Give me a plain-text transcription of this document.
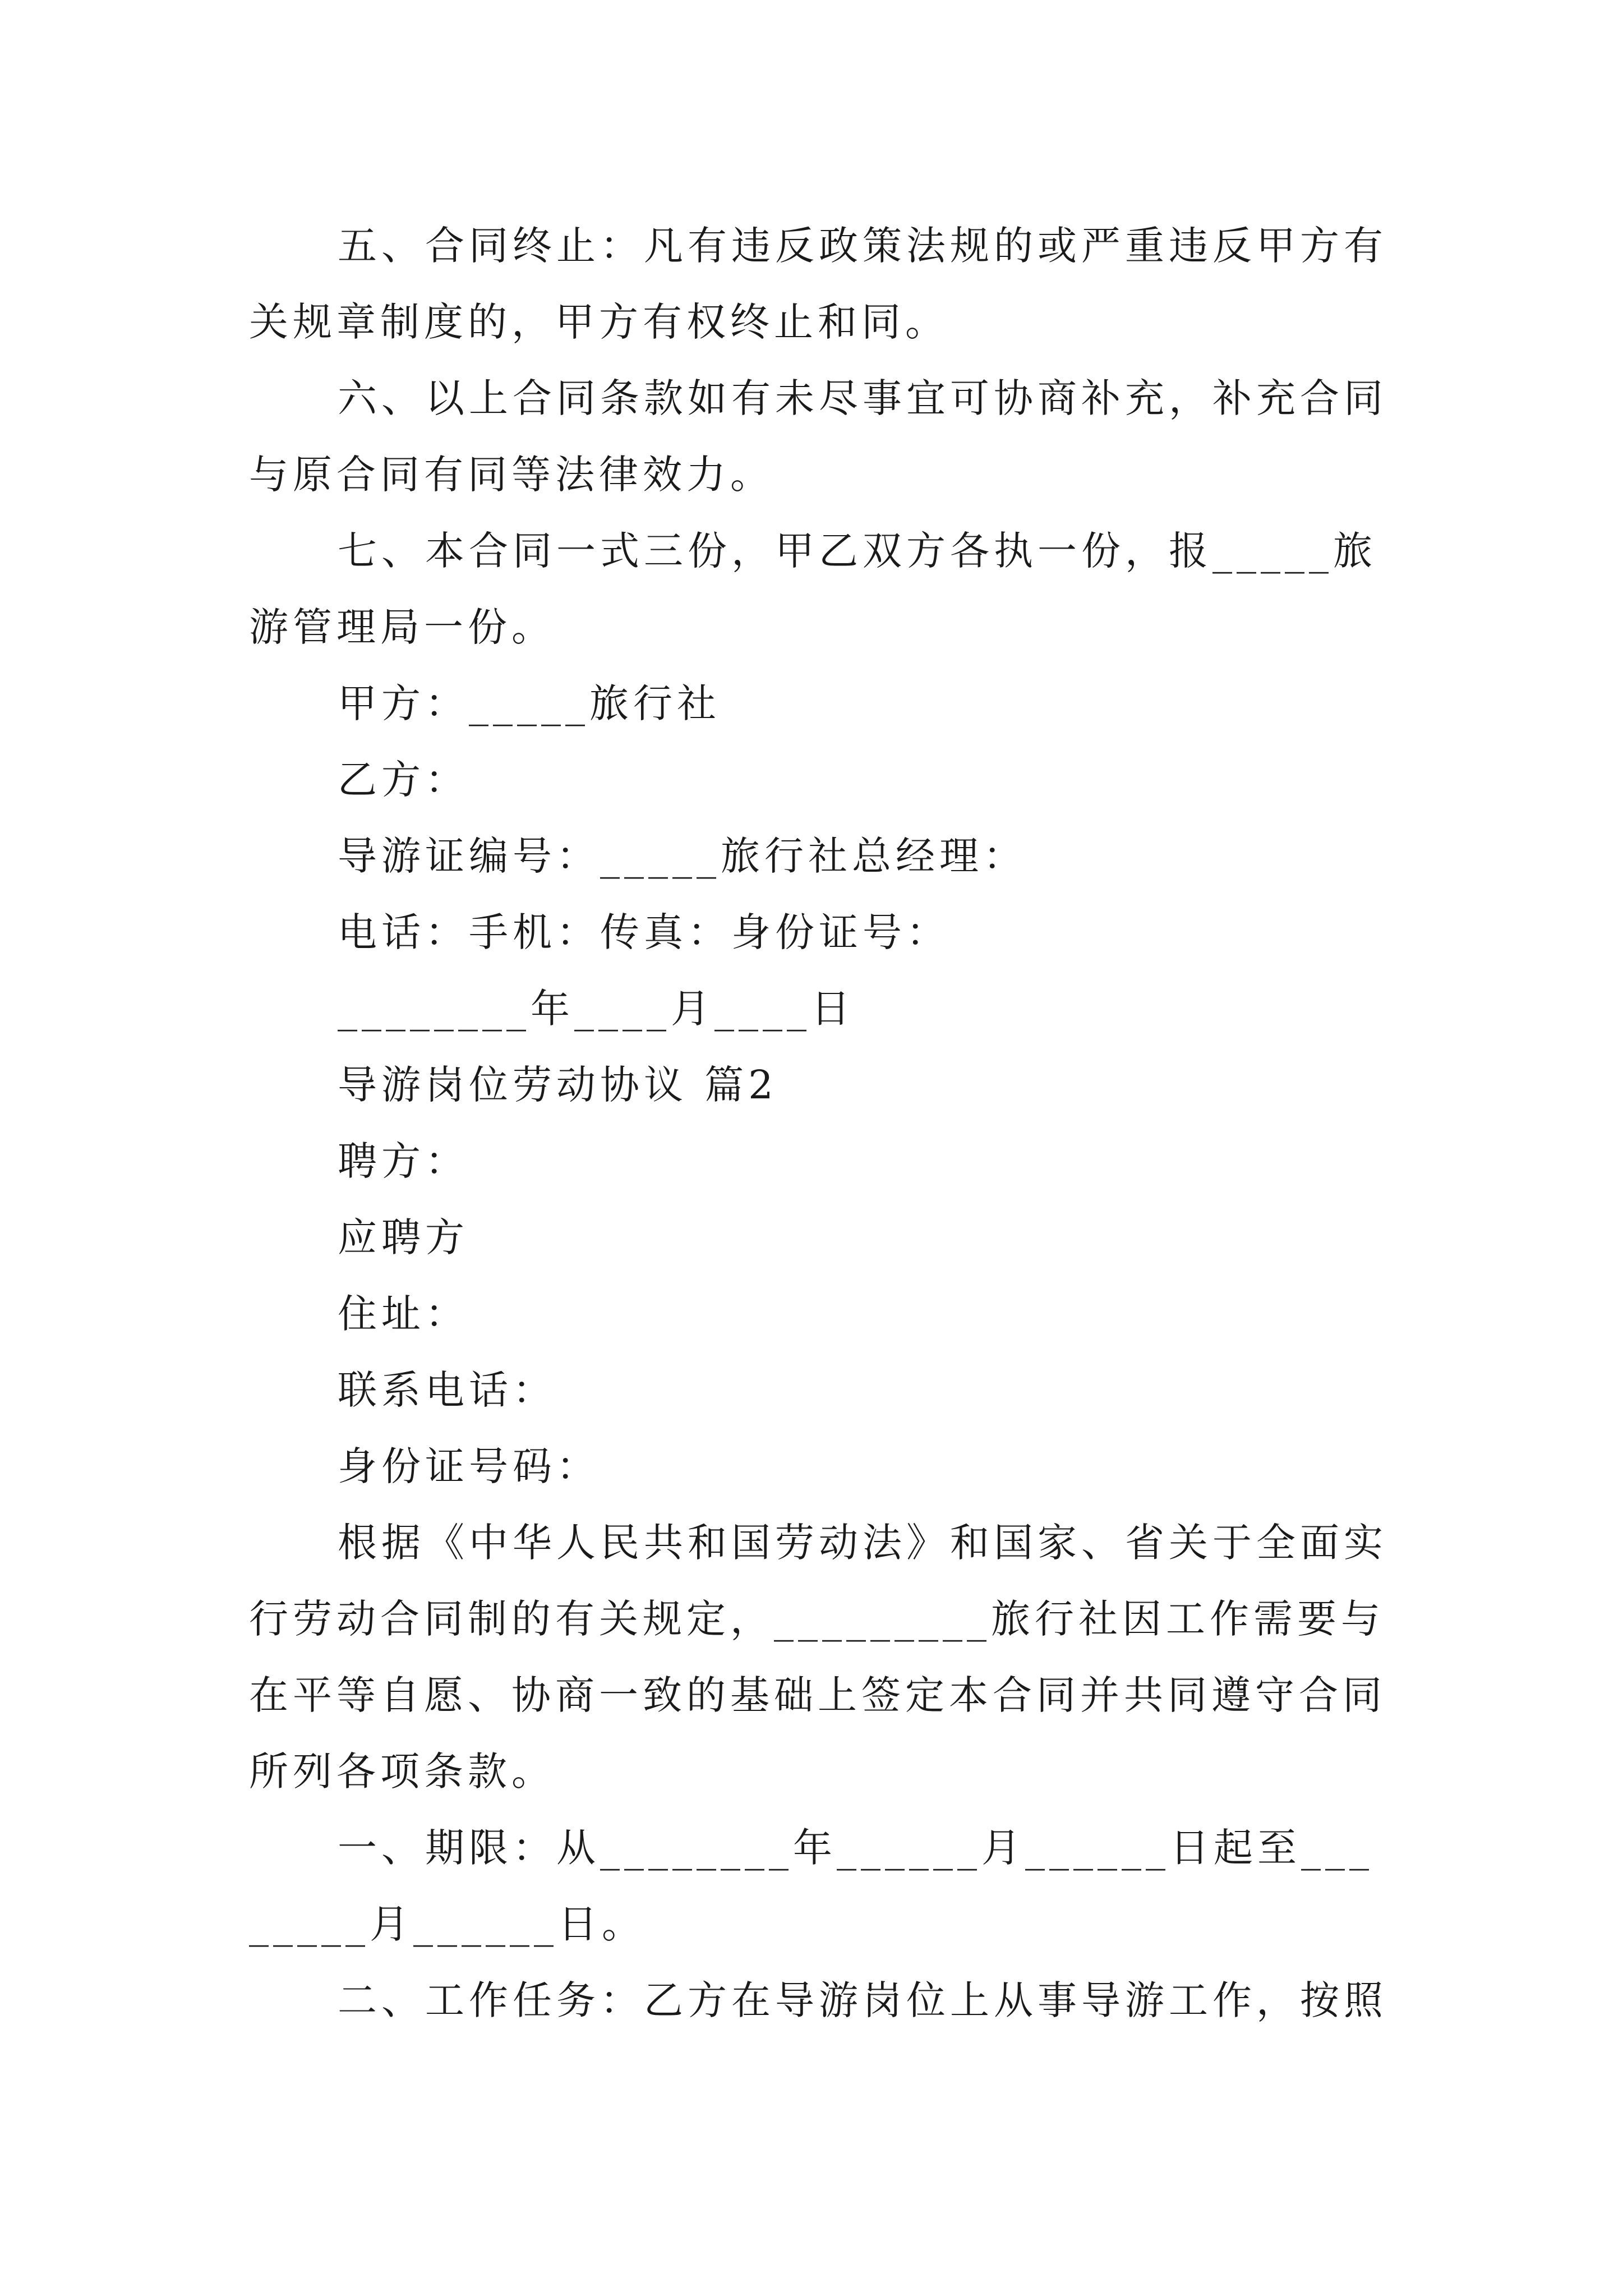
五、合同终止：凡有违反政策法规的或严重违反甲方有关规章制度的，甲方有权终止和同。

六、以上合同条款如有未尽事宜可协商补充，补充合同与原合同有同等法律效力。

七、本合同一式三份，甲乙双方各执一份，报_____旅游管理局一份。

甲方：_____旅行社

乙方：

导游证编号：_____旅行社总经理：

电话：手机：传真：身份证号：

________年____月____日

导游岗位劳动协议 篇2

聘方：

应聘方

住址：

联系电话：

身份证号码：

根据《中华人民共和国劳动法》和国家、省关于全面实行劳动合同制的有关规定，_________旅行社因工作需要与在平等自愿、协商一致的基础上签定本合同并共同遵守合同所列各项条款。

一、期限：从________年______月______日起至________月______日。

二、工作任务：乙方在导游岗位上从事导游工作，按照
